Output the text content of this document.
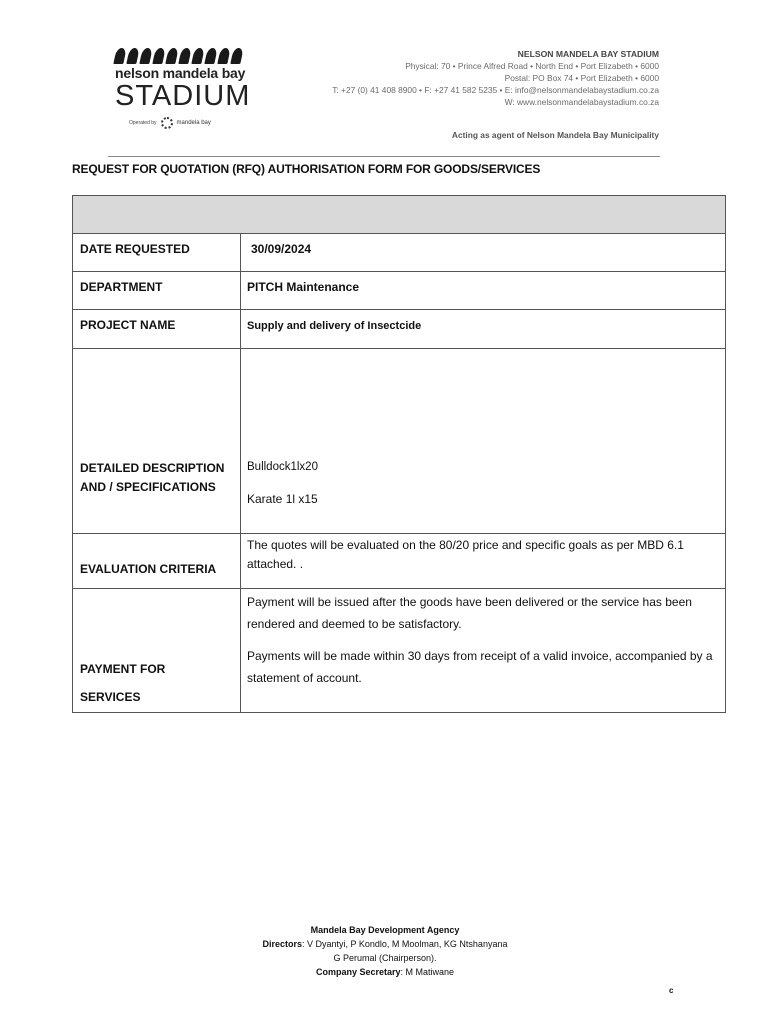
nelson mandela bay
STADIUM
Operated by	mandela bay
NELSON MANDELA BAY STADIUM
Physical: 70 • Prince Alfred Road • North End • Port Elizabeth • 6000
Postal: PO Box 74 • Port Elizabeth • 6000
T: +27 (0) 41 408 8900 • F: +27 41 582 5235 • E: info@nelsonmandelabaystadium.co.za
W: www.nelsonmandelabaystadium.co.za
Acting as agent of Nelson Mandela Bay Municipality
REQUEST FOR QUOTATION (RFQ) AUTHORISATION FORM FOR GOODS/SERVICES

DATE REQUESTED	30/09/2024

DEPARTMENT	PITCH Maintenance

PROJECT NAME	Supply and delivery of Insectcide

DETAILED DESCRIPTION AND / SPECIFICATIONS	Bulldock1lx20
Karate 1l x15

EVALUATION CRITERIA	The quotes will be evaluated on the 80/20 price and specific goals as per MBD 6.1 attached. .

PAYMENT FOR
SERVICES	Payment will be issued after the goods have been delivered or the service has been rendered and deemed to be satisfactory.
Payments will be made within 30 days from receipt of a valid invoice, accompanied by a statement of account.
Mandela Bay Development Agency
Directors: V Dyantyi, P Kondlo, M Moolman, KG Ntshanyana
G Perumal (Chairperson).
Company Secretary: M Matiwane
c
